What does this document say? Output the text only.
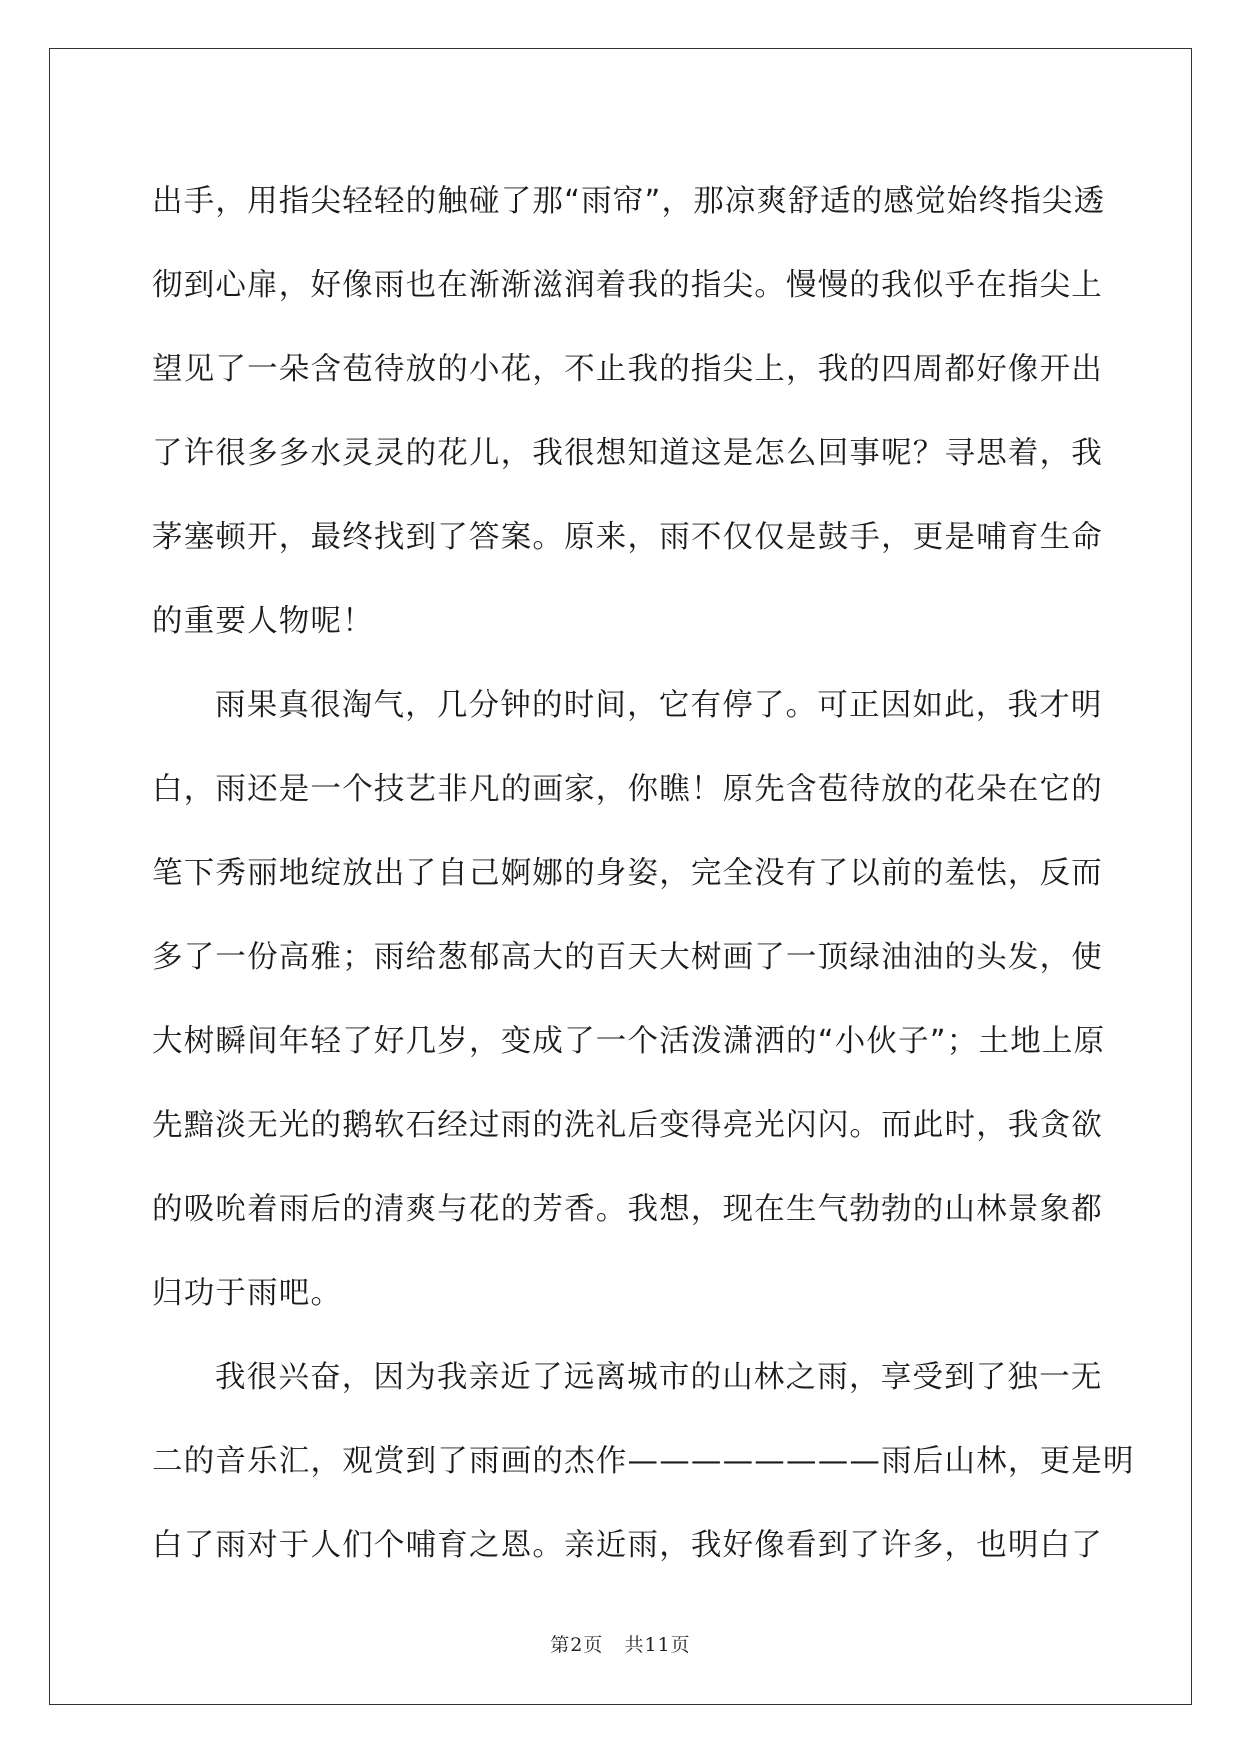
出手，用指尖轻轻的触碰了那“雨帘”，那凉爽舒适的感觉始终指尖透
彻到心扉，好像雨也在渐渐滋润着我的指尖。慢慢的我似乎在指尖上
望见了一朵含苞待放的小花，不止我的指尖上，我的四周都好像开出
了许很多多水灵灵的花儿，我很想知道这是怎么回事呢？寻思着，我
茅塞顿开，最终找到了答案。原来，雨不仅仅是鼓手，更是哺育生命
的重要人物呢！

雨果真很淘气，几分钟的时间，它有停了。可正因如此，我才明
白，雨还是一个技艺非凡的画家，你瞧！原先含苞待放的花朵在它的
笔下秀丽地绽放出了自己婀娜的身姿，完全没有了以前的羞怯，反而
多了一份高雅；雨给葱郁高大的百天大树画了一顶绿油油的头发，使
大树瞬间年轻了好几岁，变成了一个活泼潇洒的“小伙子”；土地上原
先黯淡无光的鹅软石经过雨的洗礼后变得亮光闪闪。而此时，我贪欲
的吸吮着雨后的清爽与花的芳香。我想，现在生气勃勃的山林景象都
归功于雨吧。

我很兴奋，因为我亲近了远离城市的山林之雨，享受到了独一无
二的音乐汇，观赏到了雨画的杰作————————雨后山林，更是明
白了雨对于人们个哺育之恩。亲近雨，我好像看到了许多，也明白了

第2页   共11页
